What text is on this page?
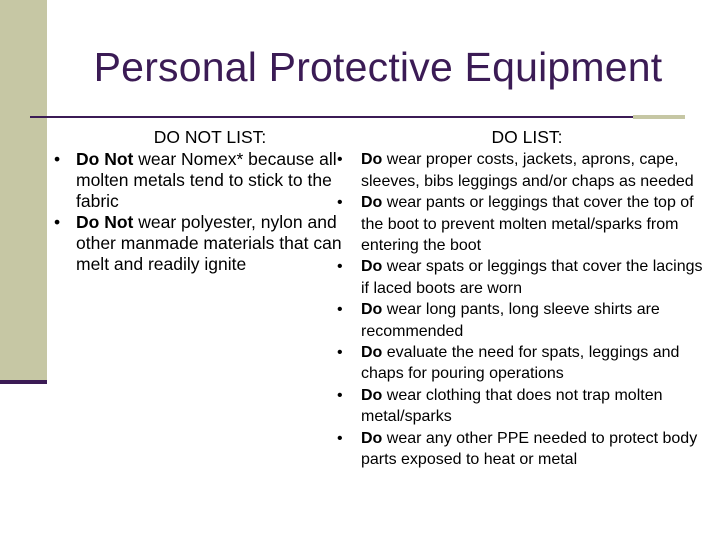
Personal Protective Equipment
DO NOT LIST:
• Do Not wear Nomex* because all molten metals tend to stick to the fabric
• Do Not wear polyester, nylon and other manmade materials that can melt and readily ignite
DO LIST:
• Do wear proper costs, jackets, aprons, cape, sleeves, bibs leggings and/or chaps as needed
• Do wear pants or leggings that cover the top of the boot to prevent molten metal/sparks from entering the boot
• Do wear spats or leggings that cover the lacings if laced boots are worn
• Do wear long pants, long sleeve shirts are recommended
• Do evaluate the need for spats, leggings and chaps for pouring operations
• Do wear clothing that does not trap molten metal/sparks
• Do wear any other PPE needed to protect body parts exposed to heat or metal
